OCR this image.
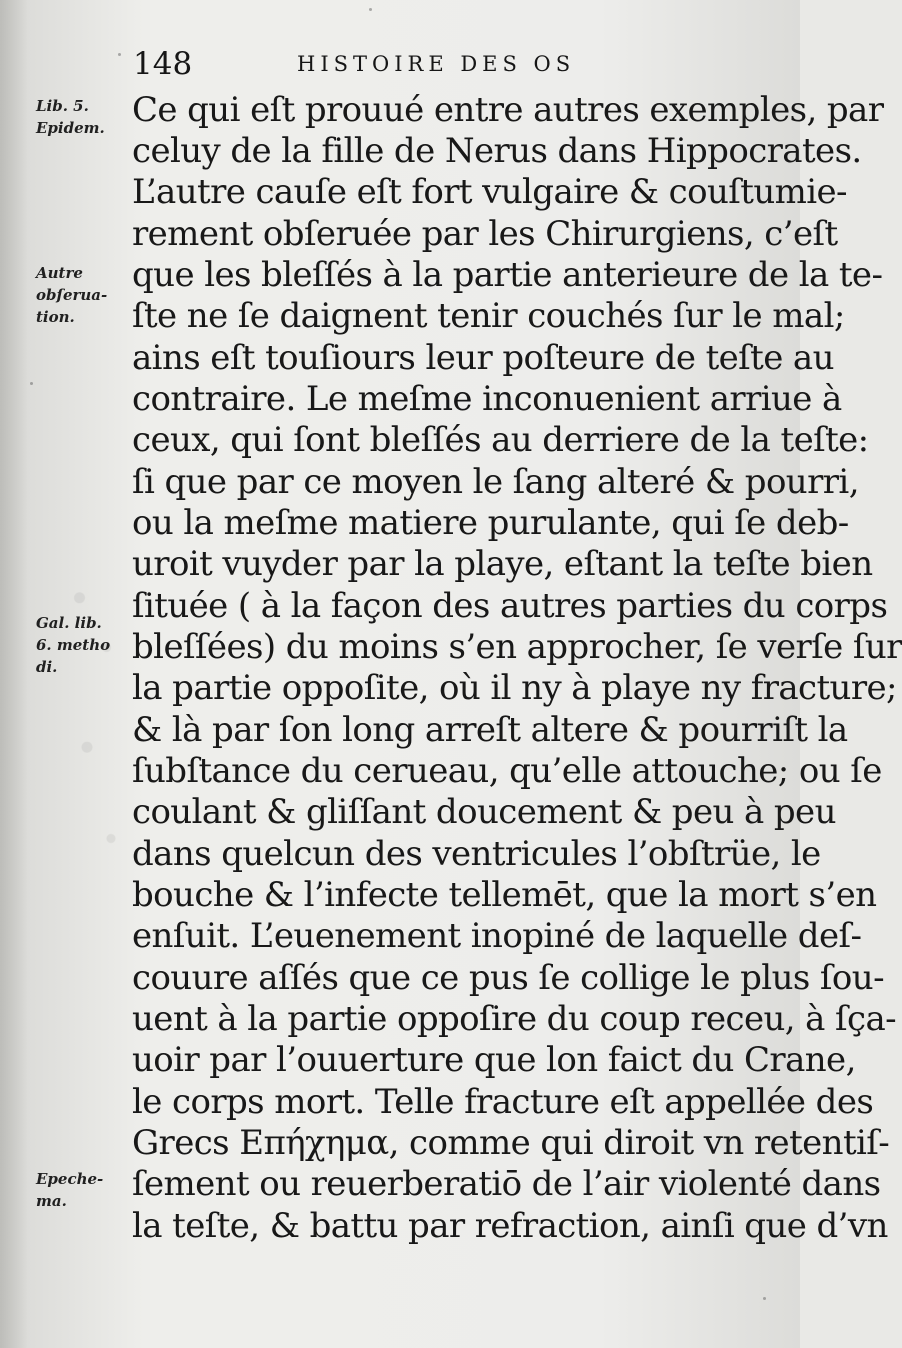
148	HISTOIRE DES OS
Lib. 5.
Epidem.
Autre
obſerua-
tion.
Gal. lib.
6. metho
di.
Epeche-
ma.
Ce qui eſt prouué entre autres exemples, par
celuy de la fille de Nerus dans Hippocrates.
L’autre cauſe eſt fort vulgaire & couſtumie-
rement obſeruée par les Chirurgiens, c’eſt
que les bleſſés à la partie anterieure de la te-
ſte ne ſe daignent tenir couchés ſur le mal;
ains eſt touſiours leur poſteure de teſte au
contraire. Le meſme inconuenient arriue à
ceux, qui ſont bleſſés au derriere de la teſte:
ſi que par ce moyen le ſang alteré & pourri,
ou la meſme matiere purulante, qui ſe deb-
uroit vuyder par la playe, eſtant la teſte bien
ſituée ( à la façon des autres parties du corps
bleſſées) du moins s’en approcher, ſe verſe ſur
la partie oppoſite, où il ny à playe ny fracture;
& là par ſon long arreſt altere & pourriſt la
ſubſtance du cerueau, qu’elle attouche; ou ſe
coulant & gliſſant doucement & peu à peu
dans quelcun des ventricules l’obſtrüe, le
bouche & l’infecte tellemēt, que la mort s’en
enſuit. L’euenement inopiné de laquelle deſ-
couure aſſés que ce pus ſe collige le plus ſou-
uent à la partie oppoſire du coup receu, à ſça-
uoir par l’ouuerture que lon faict du Crane,
le corps mort. Telle fracture eſt appellée des
Grecs Επήχημα, comme qui diroit vn retentiſ-
ſement ou reuerberatiō de l’air violenté dans
la teſte, & battu par refraction, ainſi que d’vn
